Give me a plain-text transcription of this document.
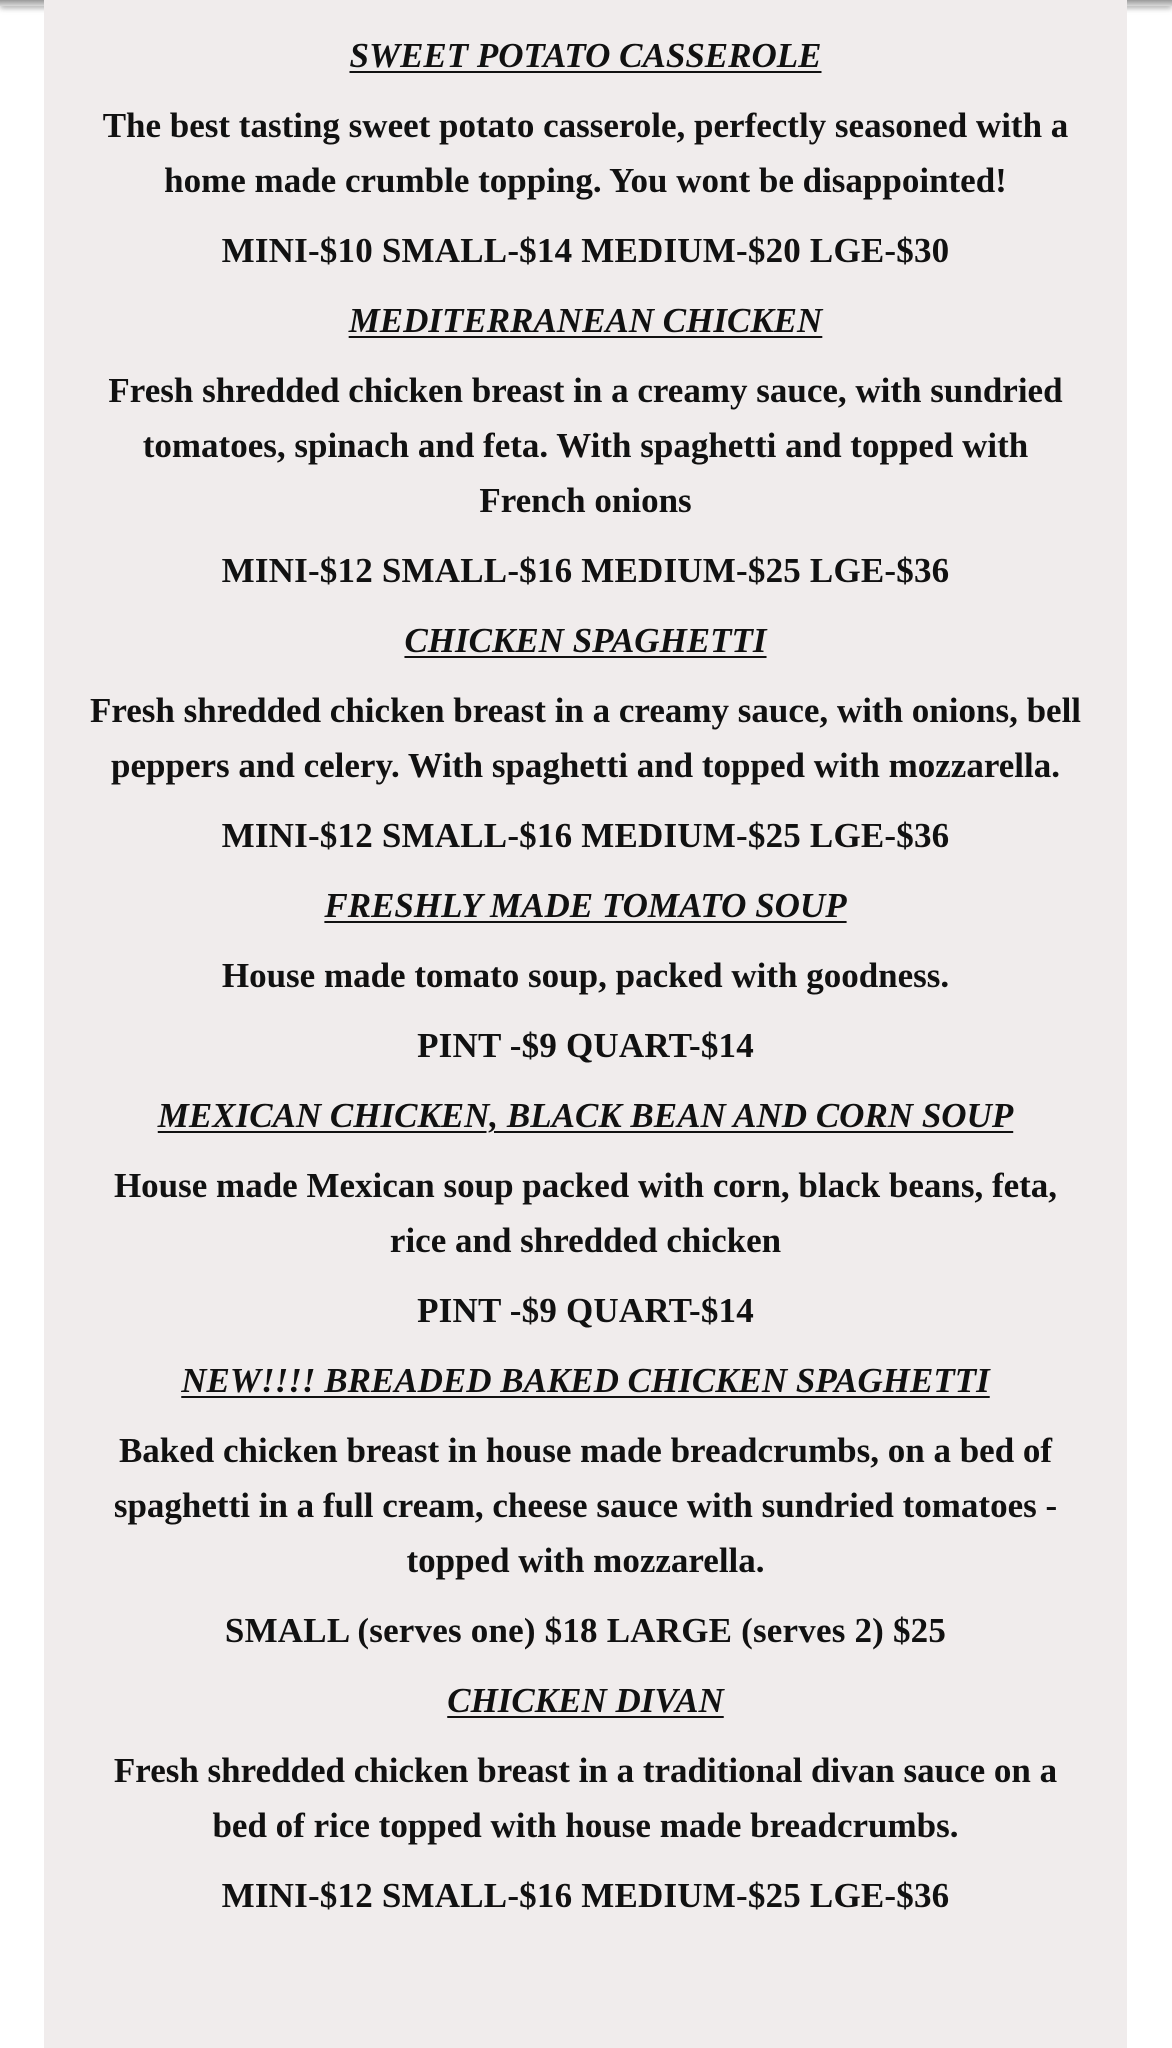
SWEET POTATO CASSEROLE
The best tasting sweet potato casserole, perfectly seasoned with a home made crumble topping. You wont be disappointed!
MINI-$10 SMALL-$14 MEDIUM-$20 LGE-$30
MEDITERRANEAN CHICKEN
Fresh shredded chicken breast in a creamy sauce, with sundried tomatoes, spinach and feta. With spaghetti and topped with French onions
MINI-$12 SMALL-$16 MEDIUM-$25 LGE-$36
CHICKEN SPAGHETTI
Fresh shredded chicken breast in a creamy sauce, with onions, bell peppers and celery. With spaghetti and topped with mozzarella.
MINI-$12 SMALL-$16 MEDIUM-$25 LGE-$36
FRESHLY MADE TOMATO SOUP
House made tomato soup, packed with goodness.
PINT -$9 QUART-$14
MEXICAN CHICKEN, BLACK BEAN AND CORN SOUP
House made Mexican soup packed with corn, black beans, feta, rice and shredded chicken
PINT -$9 QUART-$14
NEW!!!! BREADED BAKED CHICKEN SPAGHETTI
Baked chicken breast in house made breadcrumbs, on a bed of spaghetti in a full cream, cheese sauce with sundried tomatoes - topped with mozzarella.
SMALL (serves one) $18 LARGE (serves 2) $25
CHICKEN DIVAN
Fresh shredded chicken breast in a traditional divan sauce on a bed of rice topped with house made breadcrumbs.
MINI-$12 SMALL-$16 MEDIUM-$25 LGE-$36
